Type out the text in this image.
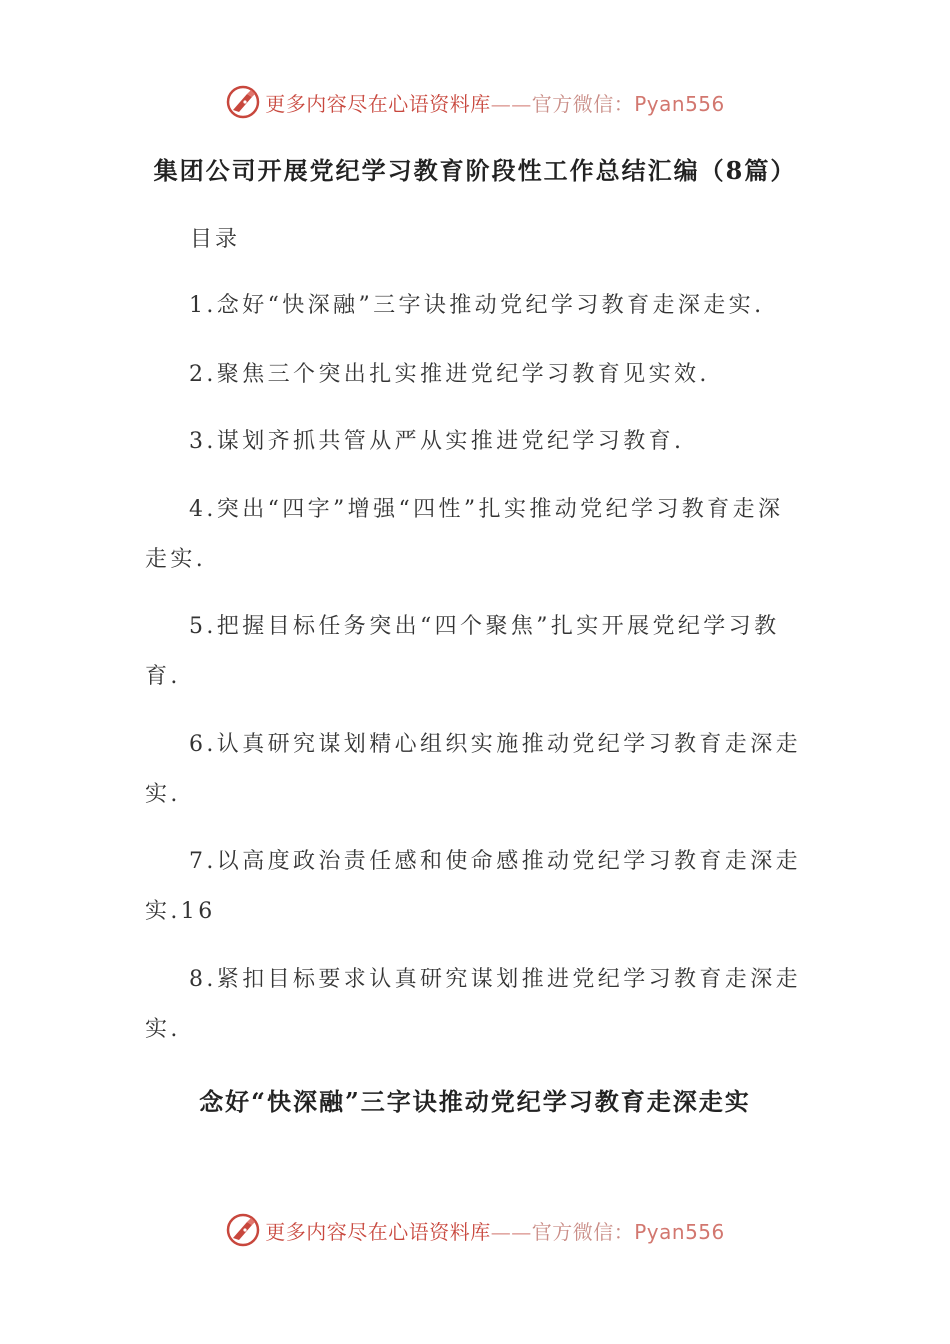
更多内容尽在心语资料库——官方微信：Pyan556
集团公司开展党纪学习教育阶段性工作总结汇编（8篇）
目录
1.念好“快深融”三字诀推动党纪学习教育走深走实.
2.聚焦三个突出扎实推进党纪学习教育见实效.
3.谋划齐抓共管从严从实推进党纪学习教育.
4.突出“四字”增强“四性”扎实推动党纪学习教育走深走实.
5.把握目标任务突出“四个聚焦”扎实开展党纪学习教育.
6.认真研究谋划精心组织实施推动党纪学习教育走深走实.
7.以高度政治责任感和使命感推动党纪学习教育走深走实.16
8.紧扣目标要求认真研究谋划推进党纪学习教育走深走实.
念好“快深融”三字诀推动党纪学习教育走深走实
更多内容尽在心语资料库——官方微信：Pyan556
